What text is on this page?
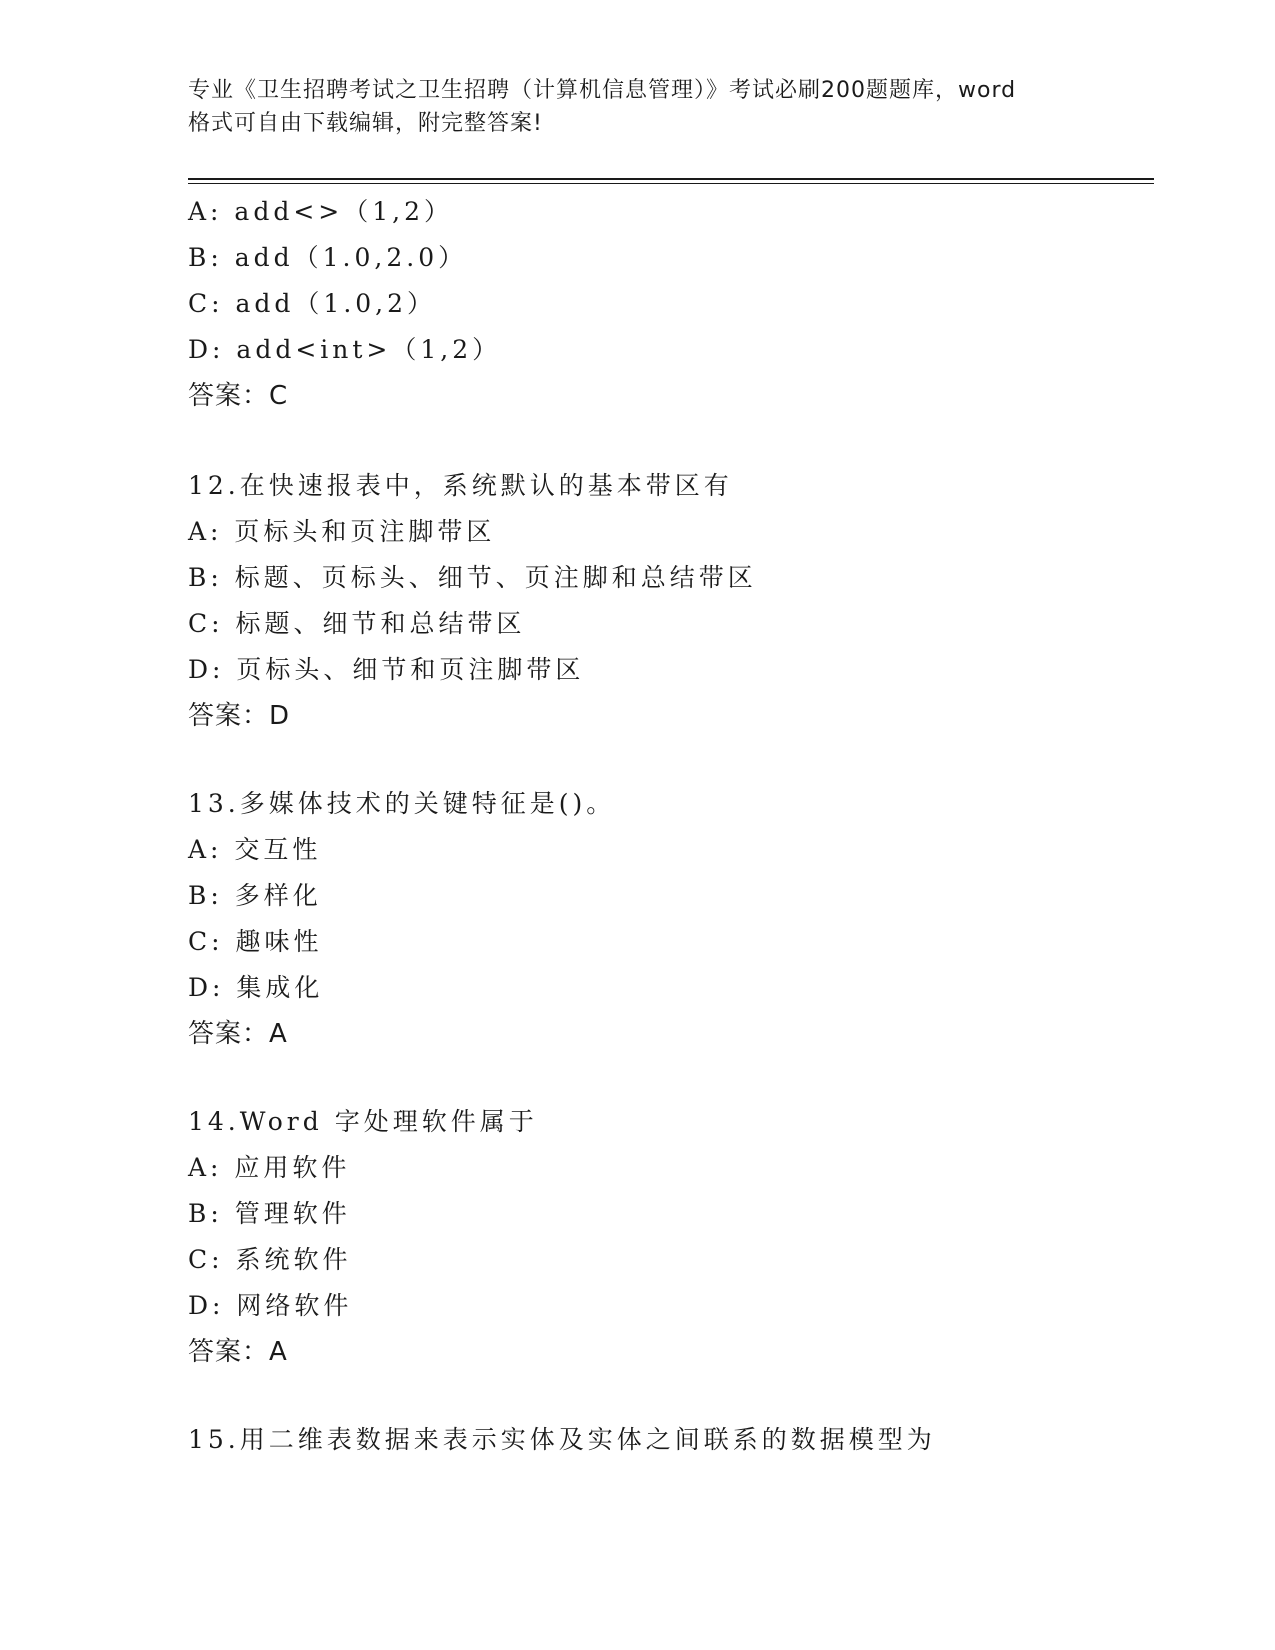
专业《卫生招聘考试之卫生招聘（计算机信息管理）》考试必刷200题题库，word
格式可自由下载编辑，附完整答案!
A: add<>（1,2）
B: add（1.0,2.0）
C: add（1.0,2）
D: add<int>（1,2）
答案：C
12.在快速报表中，系统默认的基本带区有
A: 页标头和页注脚带区
B: 标题、页标头、细节、页注脚和总结带区
C: 标题、细节和总结带区
D: 页标头、细节和页注脚带区
答案：D
13.多媒体技术的关键特征是()。
A: 交互性
B: 多样化
C: 趣味性
D: 集成化
答案：A
14.Word 字处理软件属于
A: 应用软件
B: 管理软件
C: 系统软件
D: 网络软件
答案：A
15.用二维表数据来表示实体及实体之间联系的数据模型为
